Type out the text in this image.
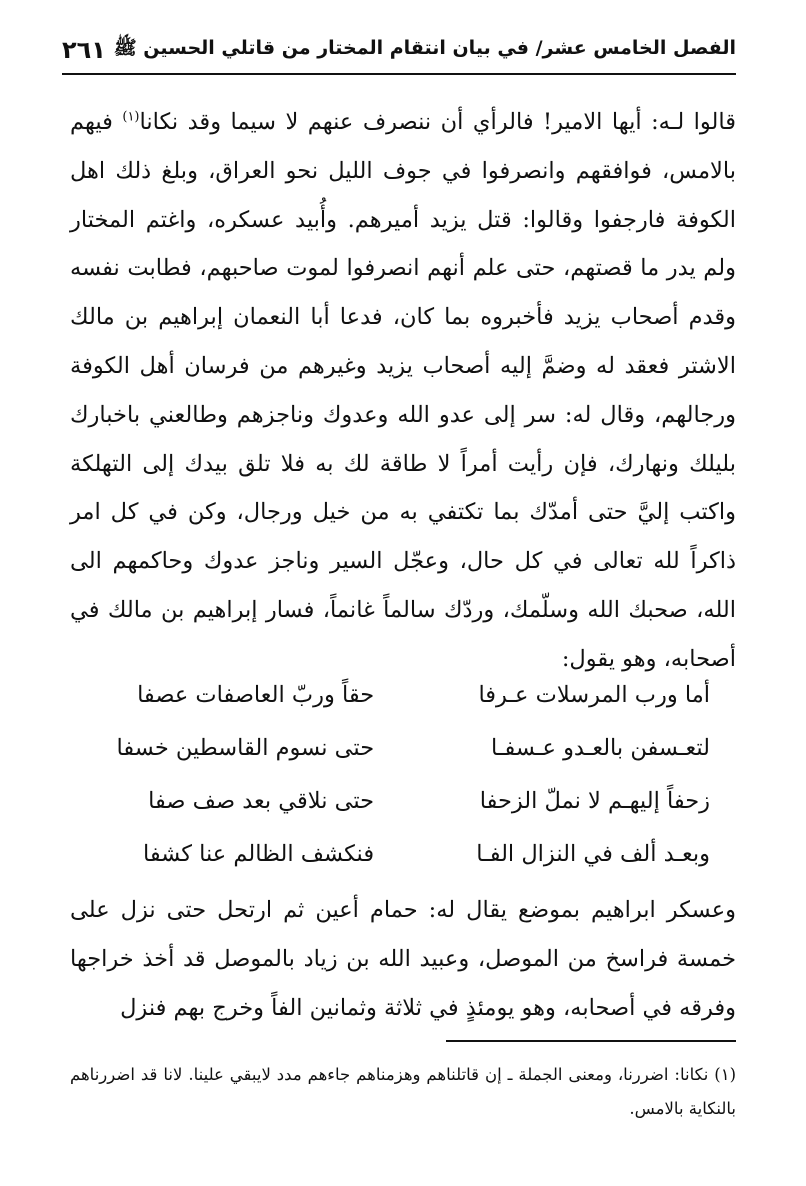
الفصل الخامس عشر/ في بيان انتقام المختار من قاتلي الحسين ﷺ
٢٦١

قالوا لـه: أيها الامير! فالرأي أن ننصرف عنهم لا سيما وقد نكانا$^{(١)}$ فيهم بالامس، فوافقهم وانصرفوا في جوف الليل نحو العراق، وبلغ ذلك اهل الكوفة فارجفوا وقالوا: قتل يزيد أميرهم. وأُبيد عسكره، واغتم المختار ولم يدر ما قصتهم، حتى علم أنهم انصرفوا لموت صاحبهم، فطابت نفسه وقدم أصحاب يزيد فأخبروه بما كان، فدعا أبا النعمان إبراهيم بن مالك الاشتر فعقد له وضمَّ إليه أصحاب يزيد وغيرهم من فرسان أهل الكوفة ورجالهم، وقال له: سر إلى عدو الله وعدوك وناجزهم وطالعني باخبارك بليلك ونهارك، فإن رأيت أمراً لا طاقة لك به فلا تلق بيدك إلى التهلكة واكتب إليَّ حتى أمدّك بما تكتفي به من خيل ورجال، وكن في كل امر ذاكراً لله تعالى في كل حال، وعجّل السير وناجز عدوك وحاكمهم الى الله، صحبك الله وسلّمك، وردّك سالماً غانماً، فسار إبراهيم بن مالك في أصحابه، وهو يقول:

أما ورب المرسلات عـرفا
حقاً وربّ العاصفات عصفا
لتعـسفن بالعـدو عـسفـا
حتى نسوم القاسطين خسفا
زحفاً إليهـم لا نملّ الزحفا
حتى نلاقي بعد صف صفا
وبعـد ألف في النزال الفـا
فنكشف الظالم عنا كشفا

وعسكر ابراهيم بموضع يقال له: حمام أعين ثم ارتحل حتى نزل على خمسة فراسخ من الموصل، وعبيد الله بن زياد بالموصل قد أخذ خراجها وفرقه في أصحابه، وهو يومئذٍ في ثلاثة وثمانين الفاً وخرج بهم فنزل

(١) نكانا: اضررنا، ومعنى الجملة ـ إن قاتلناهم وهزمناهم جاءهم مدد لايبقي علينا. لانا قد اضررناهم بالنكاية بالامس.
